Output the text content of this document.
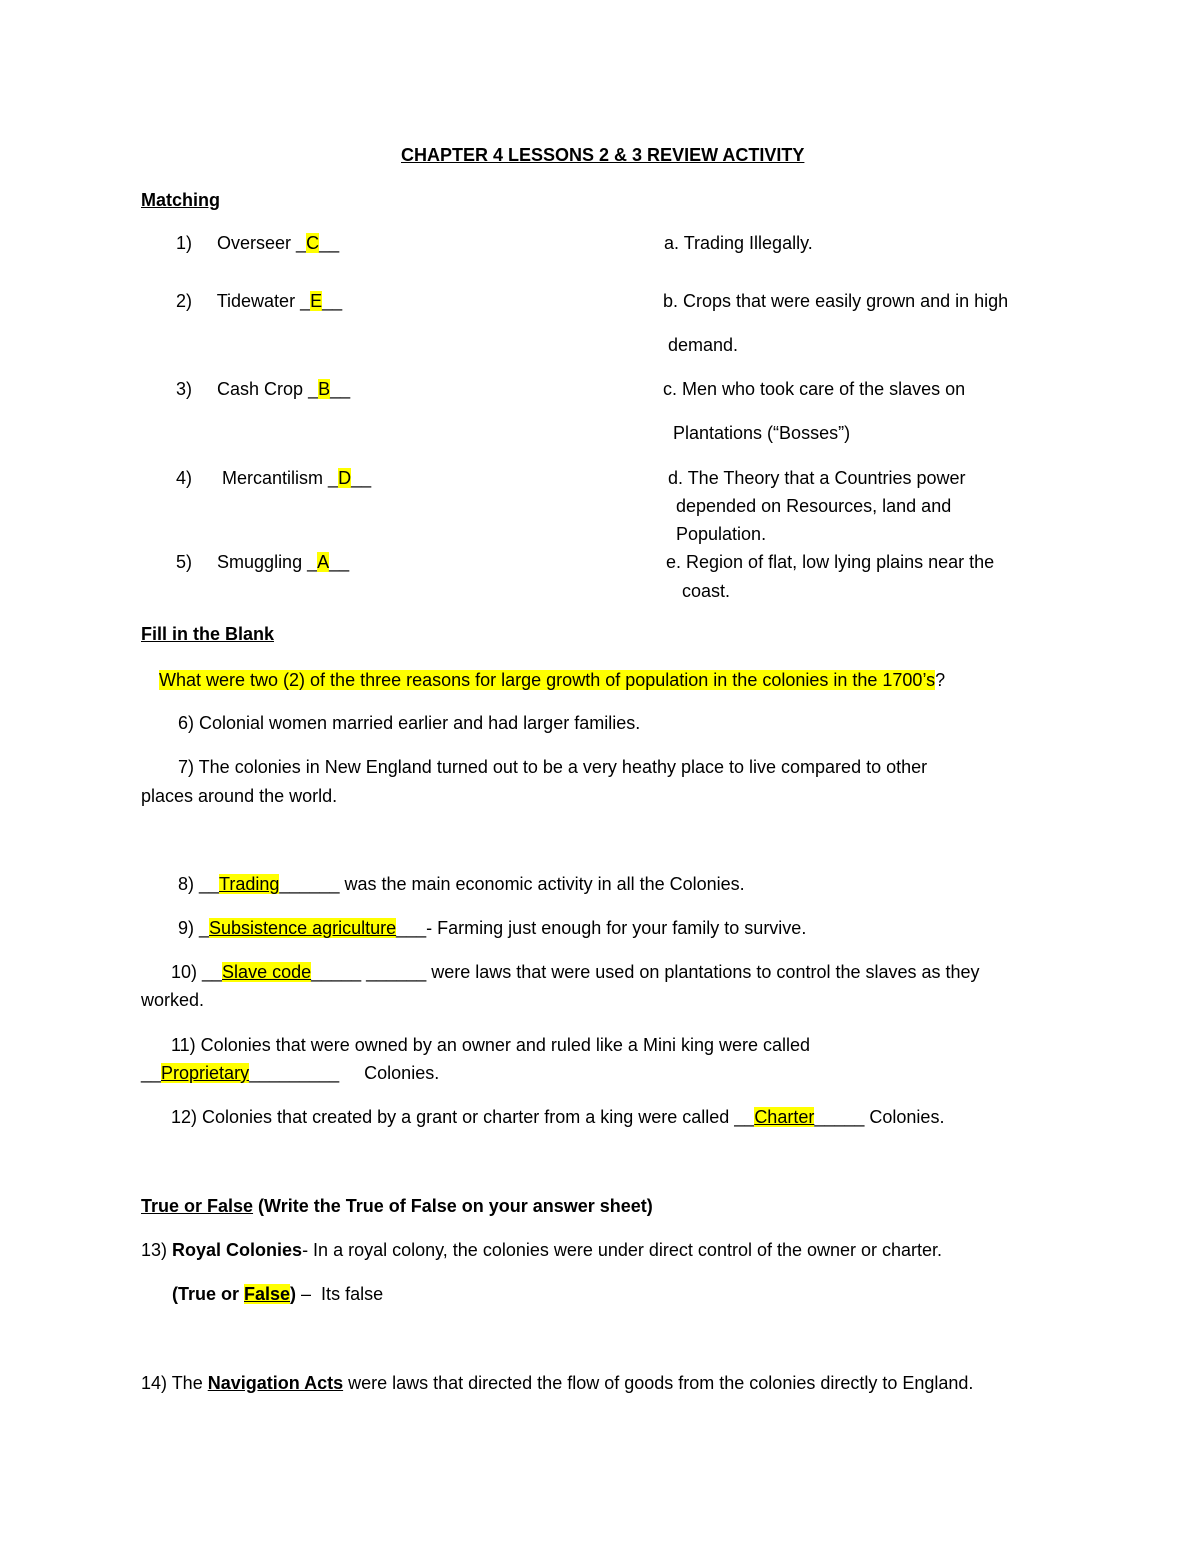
CHAPTER 4 LESSONS 2 & 3 REVIEW ACTIVITY
Matching
1) Overseer _C__
2) Tidewater _E__
3) Cash Crop _B__
4) Mercantilism _D__
5) Smuggling _A__
a. Trading Illegally.
b. Crops that were easily grown and in high
demand.
c. Men who took care of the slaves on
Plantations (“Bosses”)
d. The Theory that a Countries power
depended on Resources, land and
Population.
e. Region of flat, low lying plains near the
coast.
Fill in the Blank
What were two (2) of the three reasons for large growth of population in the colonies in the 1700’s?
6) Colonial women married earlier and had larger families.
7) The colonies in New England turned out to be a very heathy place to live compared to other
places around the world.
8) __Trading______ was the main economic activity in all the Colonies.
9) _Subsistence agriculture___- Farming just enough for your family to survive.
10) __Slave code_____ ______ were laws that were used on plantations to control the slaves as they
worked.
11) Colonies that were owned by an owner and ruled like a Mini king were called
__Proprietary_________     Colonies.
12) Colonies that created by a grant or charter from a king were called __Charter_____ Colonies.
True or False (Write the True of False on your answer sheet)
13) Royal Colonies- In a royal colony, the colonies were under direct control of the owner or charter.
(True or False) –  Its false
14) The Navigation Acts were laws that directed the flow of goods from the colonies directly to England.
